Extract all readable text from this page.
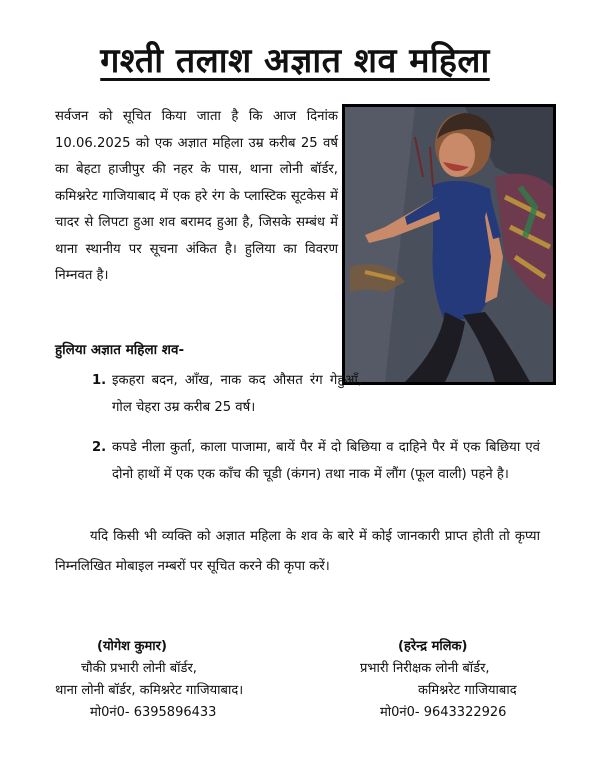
गश्ती तलाश अज्ञात शव महिला
सर्वजन को सूचित किया जाता है कि आज दिनांक 10.06.2025 को एक अज्ञात महिला उम्र करीब 25 वर्ष का बेहटा हाजीपुर की नहर के पास, थाना लोनी बॉर्डर, कमिश्नरेट गाजियाबाद में एक हरे रंग के प्लास्टिक सूटकेस में चादर से लिपटा हुआ शव बरामद हुआ है, जिसके सम्बंध में थाना स्थानीय पर सूचना अंकित है। हुलिया का विवरण निम्नवत है।
हुलिया अज्ञात महिला शव-
1. इकहरा बदन, आँख, नाक कद औसत रंग गेहुआँ, गोल चेहरा उम्र करीब 25 वर्ष।
2. कपडे नीला कुर्ता, काला पाजामा, बायें पैर में दो बिछिया व दाहिने पैर में एक बिछिया एवं दोनो हाथों में एक एक काँच की चूडी (कंगन) तथा नाक में लौंग (फूल वाली) पहने है।
यदि किसी भी व्यक्ति को अज्ञात महिला के शव के बारे में कोई जानकारी प्राप्त होती तो कृप्या निम्नलिखित मोबाइल नम्बरों पर सूचित करने की कृपा करें।
(योगेश कुमार)
चौकी प्रभारी लोनी बॉर्डर,
थाना लोनी बॉर्डर, कमिश्नरेट गाजियाबाद।
मो0नं0- 6395896433
(हरेन्द्र मलिक)
प्रभारी निरीक्षक लोनी बॉर्डर,
कमिश्नरेट गाजियाबाद
मो0नं0- 9643322926
